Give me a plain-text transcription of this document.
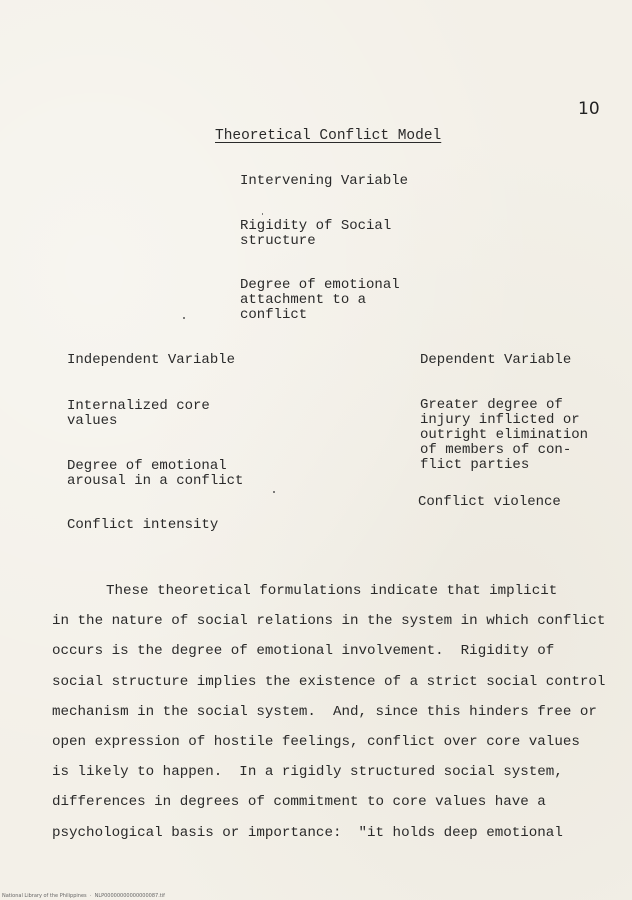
10
Theoretical Conflict Model
Intervening Variable
Rigidity of Social
structure
Degree of emotional
attachment to a
conflict
Independent Variable
Internalized core
values
Degree of emotional
arousal in a conflict
Conflict intensity
Dependent Variable
Greater degree of
injury inflicted or
outright elimination
of members of con-
flict parties
Conflict violence
These theoretical formulations indicate that implicit
in the nature of social relations in the system in which conflict
occurs is the degree of emotional involvement.  Rigidity of
social structure implies the existence of a strict social control
mechanism in the social system.  And, since this hinders free or
open expression of hostile feelings, conflict over core values
is likely to happen.  In a rigidly structured social system,
differences in degrees of commitment to core values have a
psychological basis or importance:  "it holds deep emotional
National Library of the Philippines  ·  NLP00000000000000087.tif
